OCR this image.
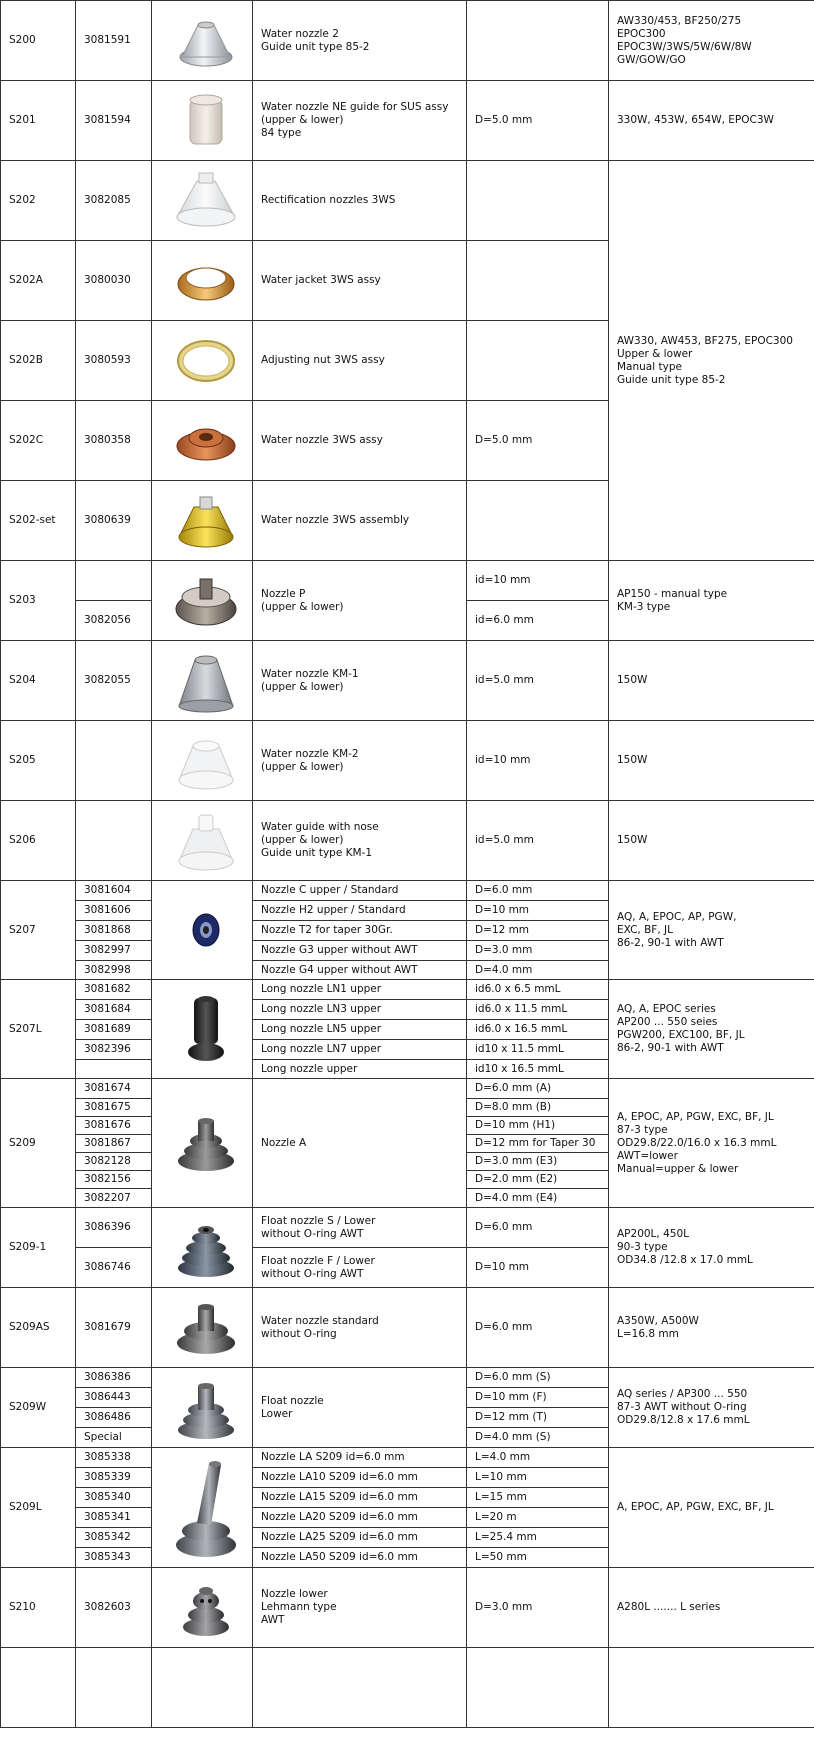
S200	3081591		Water nozzle 2
Guide unit type 85-2		AW330/453, BF250/275
EPOC300
EPOC3W/3WS/5W/6W/8W
GW/GOW/GO

S201	3081594		Water nozzle NE guide for SUS assy
(upper & lower)
84 type	D=5.0 mm	330W, 453W, 654W, EPOC3W

S202	3082085		Rectification nozzles 3WS		AW330, AW453, BF275, EPOC300
Upper & lower
Manual type
Guide unit type 85-2

S202A	3080030		Water jacket 3WS assy		

S202B	3080593		Adjusting nut 3WS assy		

S202C	3080358		Water nozzle 3WS assy	D=5.0 mm	
S202-set	3080639		Water nozzle 3WS assembly		

S203			Nozzle P
(upper & lower)	id=10 mm	AP150 - manual type
KM-3 type

	3082056			id=6.0 mm	
S204	3082055		Water nozzle KM-1
(upper & lower)	id=5.0 mm	150W

S205			Water nozzle KM-2
(upper & lower)	id=10 mm	150W

S206			Water guide with nose
(upper & lower)
Guide unit type KM-1	id=5.0 mm	150W

S207	3081604		Nozzle C upper / Standard	D=6.0 mm	AQ, A, EPOC, AP, PGW,
EXC, BF, JL
86-2, 90-1 with AWT

	3081606		Nozzle H2 upper / Standard	D=10 mm	
	3081868		Nozzle T2 for taper 30Gr.	D=12 mm	
	3082997		Nozzle G3 upper without AWT	D=3.0 mm	
	3082998		Nozzle G4 upper without AWT	D=4.0 mm	
S207L	3081682		Long nozzle LN1 upper	id6.0 x 6.5 mmL	AQ, A, EPOC series
AP200 ... 550 seies
PGW200, EXC100, BF, JL
86-2, 90-1 with AWT

	3081684		Long nozzle LN3 upper	id6.0 x 11.5 mmL	
	3081689		Long nozzle LN5 upper	id6.0 x 16.5 mmL	
	3082396		Long nozzle LN7 upper	id10 x 11.5 mmL	
			Long nozzle upper	id10 x 16.5 mmL	
S209	3081674		Nozzle A	D=6.0 mm (A)	A, EPOC, AP, PGW, EXC, BF, JL
87-3 type
OD29.8/22.0/16.0 x 16.3 mmL
AWT=lower
Manual=upper & lower

	3081675			D=8.0 mm (B)	
	3081676			D=10 mm (H1)	
	3081867			D=12 mm for Taper 30	
	3082128			D=3.0 mm (E3)	
	3082156			D=2.0 mm (E2)	
	3082207			D=4.0 mm (E4)	
S209-1	3086396		Float nozzle S / Lower
without O-ring AWT	D=6.0 mm	AP200L, 450L
90-3 type
OD34.8 /12.8 x 17.0 mmL

	3086746		Float nozzle F / Lower
without O-ring AWT	D=10 mm	
S209AS	3081679		Water nozzle standard
without O-ring	D=6.0 mm	A350W, A500W
L=16.8 mm

S209W	3086386		Float nozzle
Lower	D=6.0 mm (S)	AQ series / AP300 ... 550
87-3 AWT without O-ring
OD29.8/12.8 x 17.6 mmL

	3086443			D=10 mm (F)	
	3086486			D=12 mm (T)	
	Special			D=4.0 mm (S)	
S209L	3085338		Nozzle LA S209 id=6.0 mm	L=4.0 mm	A, EPOC, AP, PGW, EXC, BF, JL

	3085339		Nozzle LA10 S209 id=6.0 mm	L=10 mm	
	3085340		Nozzle LA15 S209 id=6.0 mm	L=15 mm	
	3085341		Nozzle LA20 S209 id=6.0 mm	L=20 m	
	3085342		Nozzle LA25 S209 id=6.0 mm	L=25.4 mm	
	3085343		Nozzle LA50 S209 id=6.0 mm	L=50 mm	
S210	3082603		Nozzle lower
Lehmann type
AWT	D=3.0 mm	A280L ....... L series
